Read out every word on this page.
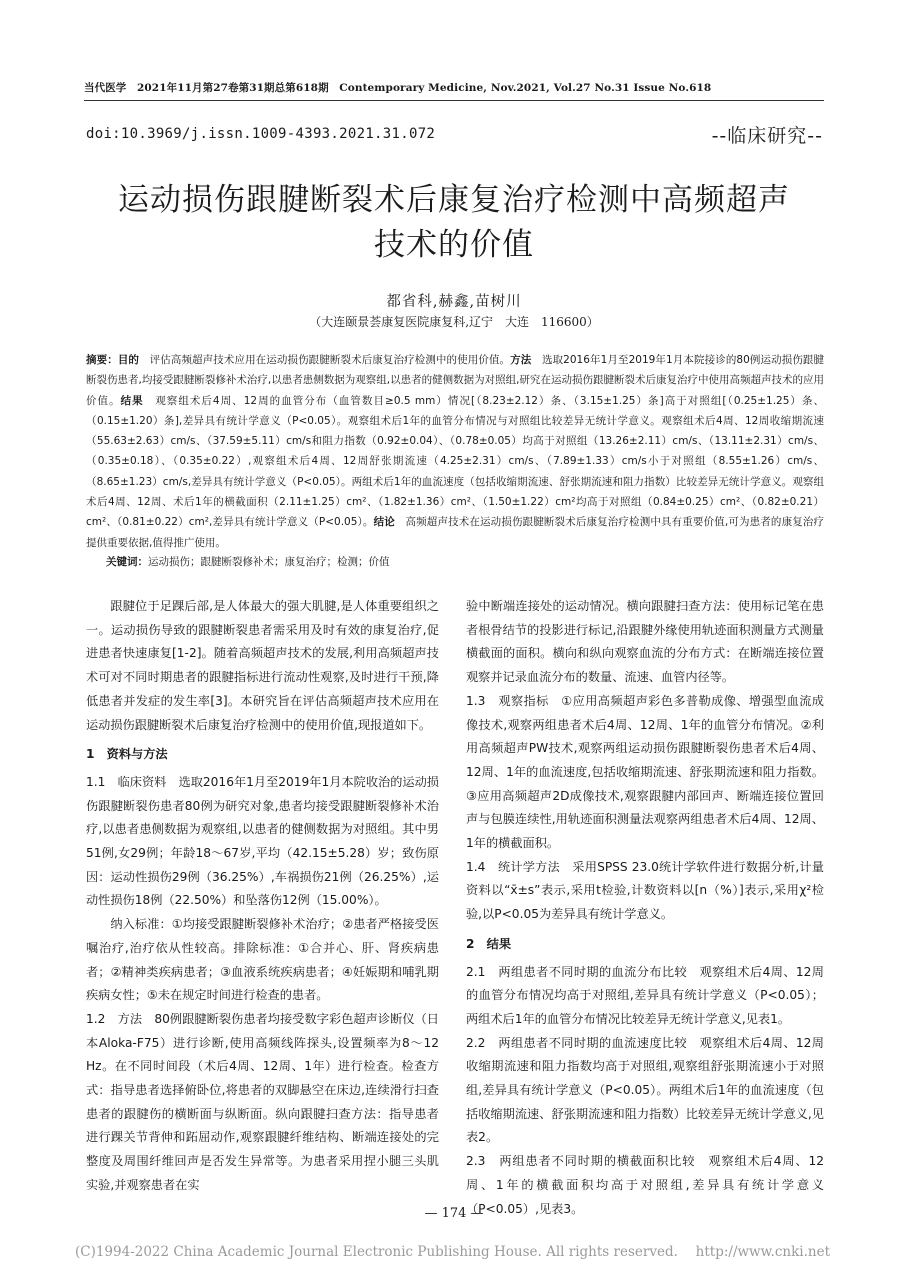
当代医学　2021年11月第27卷第31期总第618期　Contemporary Medicine, Nov.2021, Vol.27 No.31 Issue No.618
doi:10.3969/j.issn.1009-4393.2021.31.072	--临床研究--
运动损伤跟腱断裂术后康复治疗检测中高频超声
技术的价值
都省科,赫鑫,苗树川
（大连颐景荟康复医院康复科,辽宁　大连　116600）
摘要：目的　评估高频超声技术应用在运动损伤跟腱断裂术后康复治疗检测中的使用价值。方法　选取2016年1月至2019年1月本院接诊的80例运动损伤跟腱断裂伤患者,均接受跟腱断裂修补术治疗,以患者患侧数据为观察组,以患者的健侧数据为对照组,研究在运动损伤跟腱断裂术后康复治疗中使用高频超声技术的应用价值。结果　观察组术后4周、12周的血管分布（血管数目≥0.5 mm）情况[（8.23±2.12）条、（3.15±1.25）条]高于对照组[（0.25±1.25）条、（0.15±1.20）条],差异具有统计学意义（P<0.05）。观察组术后1年的血管分布情况与对照组比较差异无统计学意义。观察组术后4周、12周收缩期流速（55.63±2.63）cm/s、（37.59±5.11）cm/s和阻力指数（0.92±0.04）、（0.78±0.05）均高于对照组（13.26±2.11）cm/s、（13.11±2.31）cm/s、（0.35±0.18）、（0.35±0.22）,观察组术后4周、12周舒张期流速（4.25±2.31）cm/s、（7.89±1.33）cm/s小于对照组（8.55±1.26）cm/s、（8.65±1.23）cm/s,差异具有统计学意义（P<0.05）。两组术后1年的血流速度（包括收缩期流速、舒张期流速和阻力指数）比较差异无统计学意义。观察组术后4周、12周、术后1年的横截面积（2.11±1.25）cm²、（1.82±1.36）cm²、（1.50±1.22）cm²均高于对照组（0.84±0.25）cm²、（0.82±0.21）cm²、（0.81±0.22）cm²,差异具有统计学意义（P<0.05）。结论　高频超声技术在运动损伤跟腱断裂术后康复治疗检测中具有重要价值,可为患者的康复治疗提供重要依据,值得推广使用。
关键词：运动损伤；跟腱断裂修补术；康复治疗；检测；价值

跟腱位于足踝后部,是人体最大的强大肌腱,是人体重要组织之一。运动损伤导致的跟腱断裂患者需采用及时有效的康复治疗,促进患者快速康复[1-2]。随着高频超声技术的发展,利用高频超声技术可对不同时期患者的跟腱指标进行流动性观察,及时进行干预,降低患者并发症的发生率[3]。本研究旨在评估高频超声技术应用在运动损伤跟腱断裂术后康复治疗检测中的使用价值,现报道如下。

1　资料与方法

1.1　临床资料　选取2016年1月至2019年1月本院收治的运动损伤跟腱断裂伤患者80例为研究对象,患者均接受跟腱断裂修补术治疗,以患者患侧数据为观察组,以患者的健侧数据为对照组。其中男51例,女29例；年龄18～67岁,平均（42.15±5.28）岁；致伤原因：运动性损伤29例（36.25%）,车祸损伤21例（26.25%）,运动性损伤18例（22.50%）和坠落伤12例（15.00%）。

纳入标准：①均接受跟腱断裂修补术治疗；②患者严格接受医嘱治疗,治疗依从性较高。排除标准：①合并心、肝、肾疾病患者；②精神类疾病患者；③血液系统疾病患者；④妊娠期和哺乳期疾病女性；⑤未在规定时间进行检查的患者。

1.2　方法　80例跟腱断裂伤患者均接受数字彩色超声诊断仪（日本Aloka-F75）进行诊断,使用高频线阵探头,设置频率为8～12 Hz。在不同时间段（术后4周、12周、1年）进行检查。检查方式：指导患者选择俯卧位,将患者的双脚悬空在床边,连续滑行扫查患者的跟腱伤的横断面与纵断面。纵向跟腱扫查方法：指导患者进行踝关节背伸和跖屈动作,观察跟腱纤维结构、断端连接处的完整度及周围纤维回声是否发生异常等。为患者采用捏小腿三头肌实验,并观察患者在实

验中断端连接处的运动情况。横向跟腱扫查方法：使用标记笔在患者根骨结节的投影进行标记,沿跟腱外缘使用轨迹面积测量方式测量横截面的面积。横向和纵向观察血流的分布方式：在断端连接位置观察并记录血流分布的数量、流速、血管内径等。

1.3　观察指标　①应用高频超声彩色多普勒成像、增强型血流成像技术,观察两组患者术后4周、12周、1年的血管分布情况。②利用高频超声PW技术,观察两组运动损伤跟腱断裂伤患者术后4周、12周、1年的血流速度,包括收缩期流速、舒张期流速和阻力指数。③应用高频超声2D成像技术,观察跟腱内部回声、断端连接位置回声与包膜连续性,用轨迹面积测量法观察两组患者术后4周、12周、1年的横截面积。

1.4　统计学方法　采用SPSS 23.0统计学软件进行数据分析,计量资料以“x̄±s”表示,采用t检验,计数资料以[n（%）]表示,采用χ²检验,以P<0.05为差异具有统计学意义。

2　结果

2.1　两组患者不同时期的血流分布比较　观察组术后4周、12周的血管分布情况均高于对照组,差异具有统计学意义（P<0.05）；两组术后1年的血管分布情况比较差异无统计学意义,见表1。

2.2　两组患者不同时期的血流速度比较　观察组术后4周、12周收缩期流速和阻力指数均高于对照组,观察组舒张期流速小于对照组,差异具有统计学意义（P<0.05）。两组术后1年的血流速度（包括收缩期流速、舒张期流速和阻力指数）比较差异无统计学意义,见表2。

2.3　两组患者不同时期的横截面积比较　观察组术后4周、12周、1年的横截面积均高于对照组,差异具有统计学意义（P<0.05）,见表3。

— 174 —
(C)1994-2022 China Academic Journal Electronic Publishing House. All rights reserved.　 http://www.cnki.net
